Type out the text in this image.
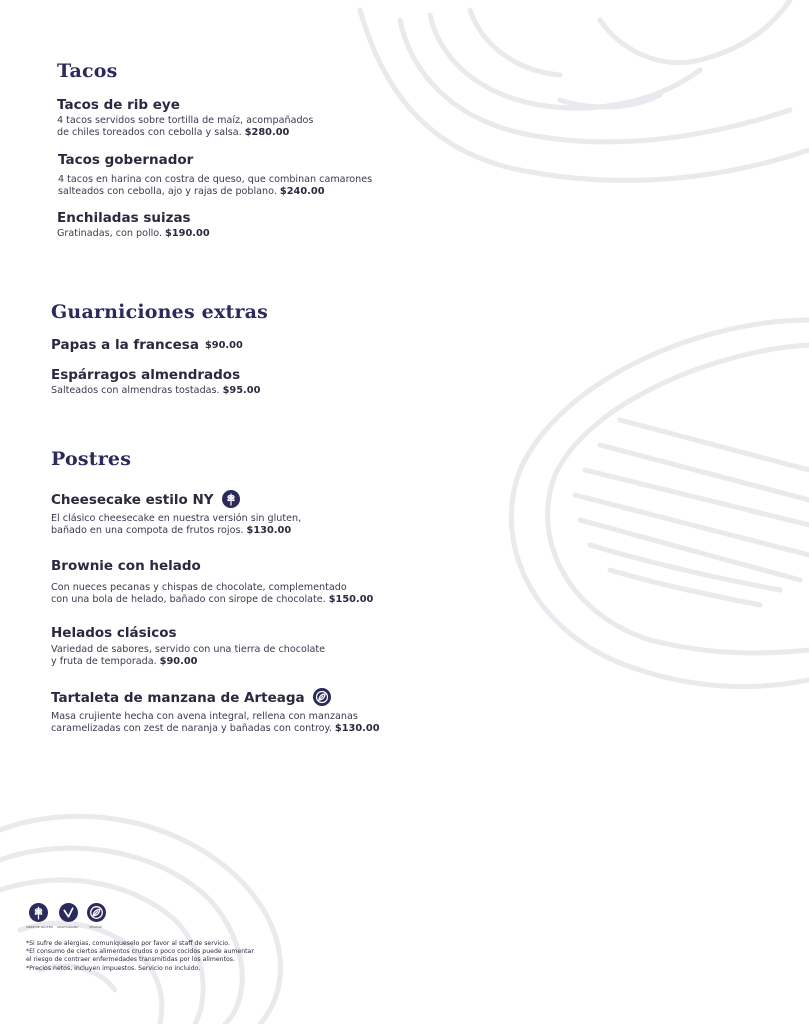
Tacos
Tacos de rib eye
4 tacos servidos sobre tortilla de maíz, acompañados
de chiles toreados con cebolla y salsa. $280.00
Tacos gobernador
4 tacos en harina con costra de queso, que combinan camarones
salteados con cebolla, ajo y rajas de poblano. $240.00
Enchiladas suizas
Gratinadas, con pollo. $190.00
Guarniciones extras
Papas a la francesa $90.00
Espárragos almendrados
Salteados con almendras tostadas. $95.00
Postres
Cheesecake estilo NY
El clásico cheesecake en nuestra versión sin gluten,
bañado en una compota de frutos rojos. $130.00
Brownie con helado
Con nueces pecanas y chispas de chocolate, complementado
con una bola de helado, bañado con sirope de chocolate. $150.00
Helados clásicos
Variedad de sabores, servido con una tierra de chocolate
y fruta de temporada. $90.00
Tartaleta de manzana de Arteaga
Masa crujiente hecha con avena integral, rellena con manzanas
caramelizadas con zest de naranja y bañadas con controy. $130.00
LIBRE DE GLUTEN VEGETARIANO	VEGANO
*Si sufre de alergias, comuníqueselo por favor al staff de servicio.
*El consumo de ciertos alimentos crudos o poco cocidos puede aumentar
el riesgo de contraer enfermedades transmitidas por los alimentos.
*Precios netos, incluyen impuestos. Servicio no incluido.
